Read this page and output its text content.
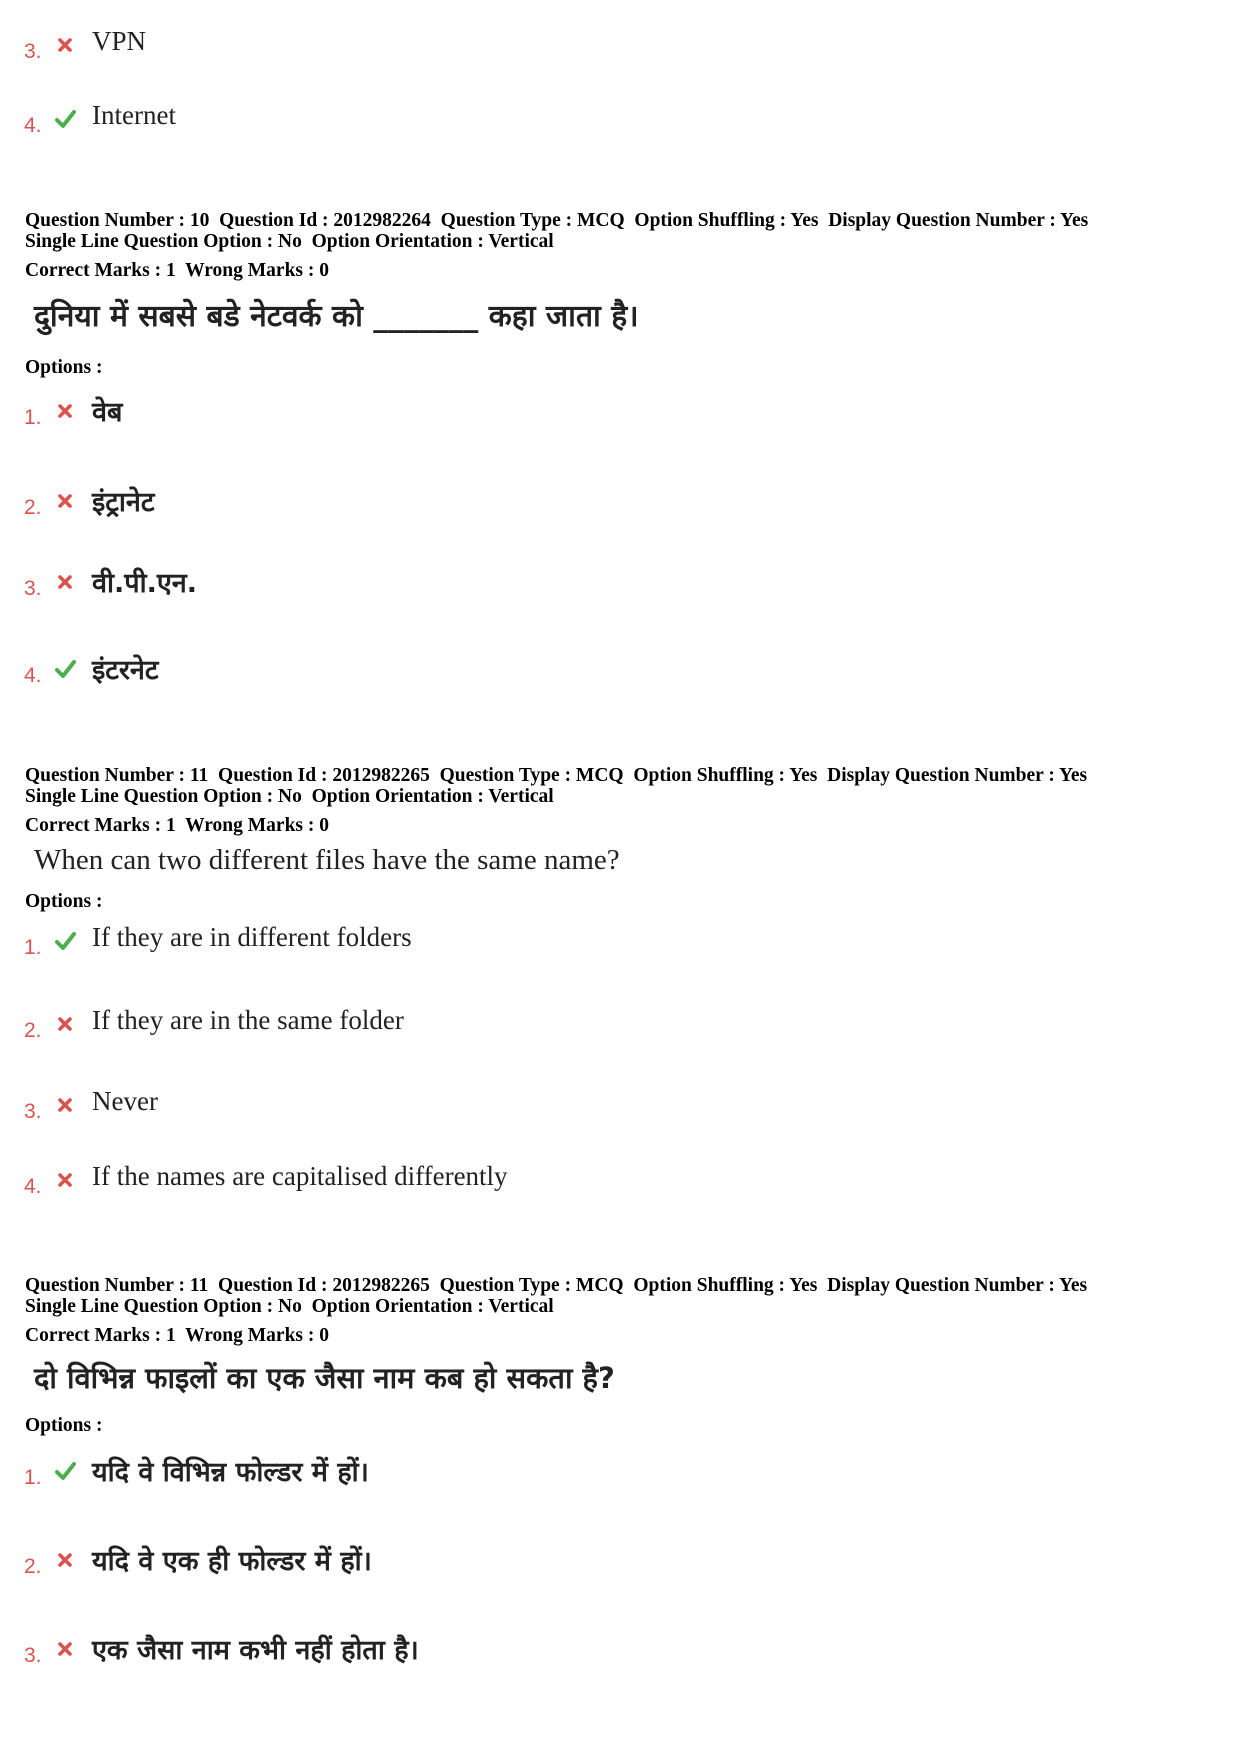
3. VPN
4. Internet
Question Number : 10  Question Id : 2012982264  Question Type : MCQ  Option Shuffling : Yes  Display Question Number : Yes
Single Line Question Option : No  Option Orientation : Vertical
Correct Marks : 1  Wrong Marks : 0
दुनिया में सबसे बडे नेटवर्क को _______ कहा जाता है।
Options :
1. वेब
2. इंट्रानेट
3. वी.पी.एन.
4. इंटरनेट
Question Number : 11  Question Id : 2012982265  Question Type : MCQ  Option Shuffling : Yes  Display Question Number : Yes
Single Line Question Option : No  Option Orientation : Vertical
Correct Marks : 1  Wrong Marks : 0
When can two different files have the same name?
Options :
1. If they are in different folders
2. If they are in the same folder
3. Never
4. If the names are capitalised differently
Question Number : 11  Question Id : 2012982265  Question Type : MCQ  Option Shuffling : Yes  Display Question Number : Yes
Single Line Question Option : No  Option Orientation : Vertical
Correct Marks : 1  Wrong Marks : 0
दो विभिन्न फाइलों का एक जैसा नाम कब हो सकता है?
Options :
1. यदि वे विभिन्न फोल्डर में हों।
2. यदि वे एक ही फोल्डर में हों।
3. एक जैसा नाम कभी नहीं होता है।
